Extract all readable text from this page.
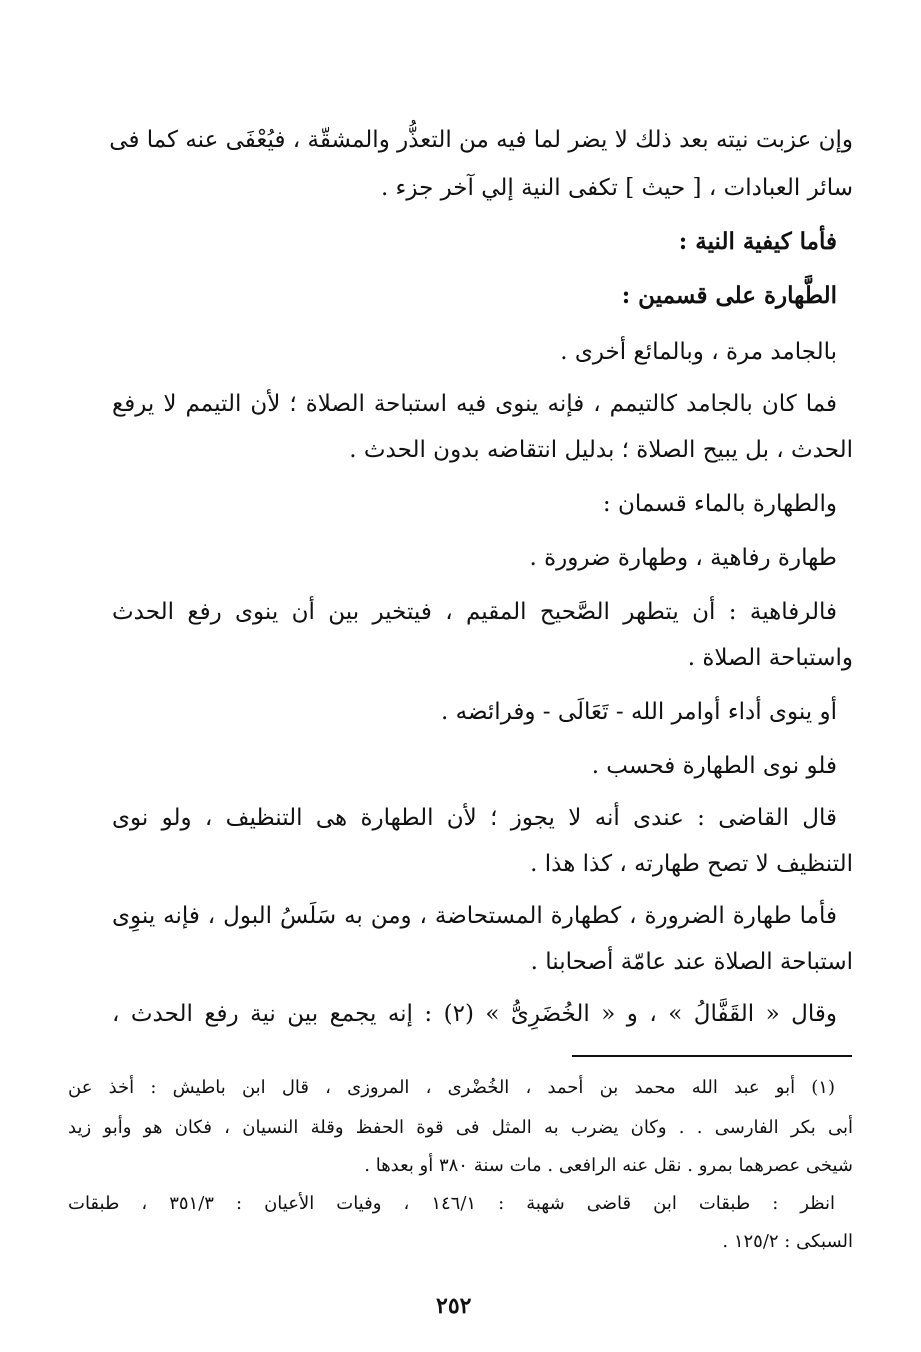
وإن عزبت نيته بعد ذلك لا يضر لما فيه من التعذُّر والمشقّة ، فيُعْفَى عنه كما فى
سائر العبادات ، [ حيث ] تكفى النية إلي آخر جزء .
فأما كيفية النية :
الطَّهارة على قسمين :
بالجامد مرة ، وبالمائع أخرى .
فما كان بالجامد كالتيمم ، فإنه ينوى فيه استباحة الصلاة ؛ لأن التيمم لا يرفع
الحدث ، بل يبيح الصلاة ؛ بدليل انتقاضه بدون الحدث .
والطهارة بالماء قسمان :
طهارة رفاهية ، وطهارة ضرورة .
فالرفاهية : أن يتطهر الصَّحيح المقيم ، فيتخير بين أن ينوى رفع الحدث
واستباحة الصلاة .
أو ينوى أداء أوامر الله - تَعَالَى - وفرائضه .
فلو نوى الطهارة فحسب .
قال القاضى : عندى أنه لا يجوز ؛ لأن الطهارة هى التنظيف ، ولو نوى
التنظيف لا تصح طهارته ، كذا هذا .
فأما طهارة الضرورة ، كطهارة المستحاضة ، ومن به سَلَسُ البول ، فإنه ينوِى
استباحة الصلاة عند عامّة أصحابنا .
وقال « القَفَّالُ » ، و « الخُضَرِىُّ » (٢) : إنه يجمع بين نية رفع الحدث ،
(١) أبو عبد الله محمد بن أحمد ، الخُضْرى ، المروزى ، قال ابن باطيش : أخذ عن
أبى بكر الفارسى . . وكان يضرب به المثل فى قوة الحفظ وقلة النسيان ، فكان هو وأبو زيد
شيخى عصرهما بمرو . نقل عنه الرافعى . مات سنة ٣٨٠ أو بعدها .
انظر : طبقات ابن قاضى شهبة : ١٤٦/١ ، وفيات الأعيان : ٣٥١/٣ ، طبقات
السبكى : ١٢٥/٢ .
٢٥٢
